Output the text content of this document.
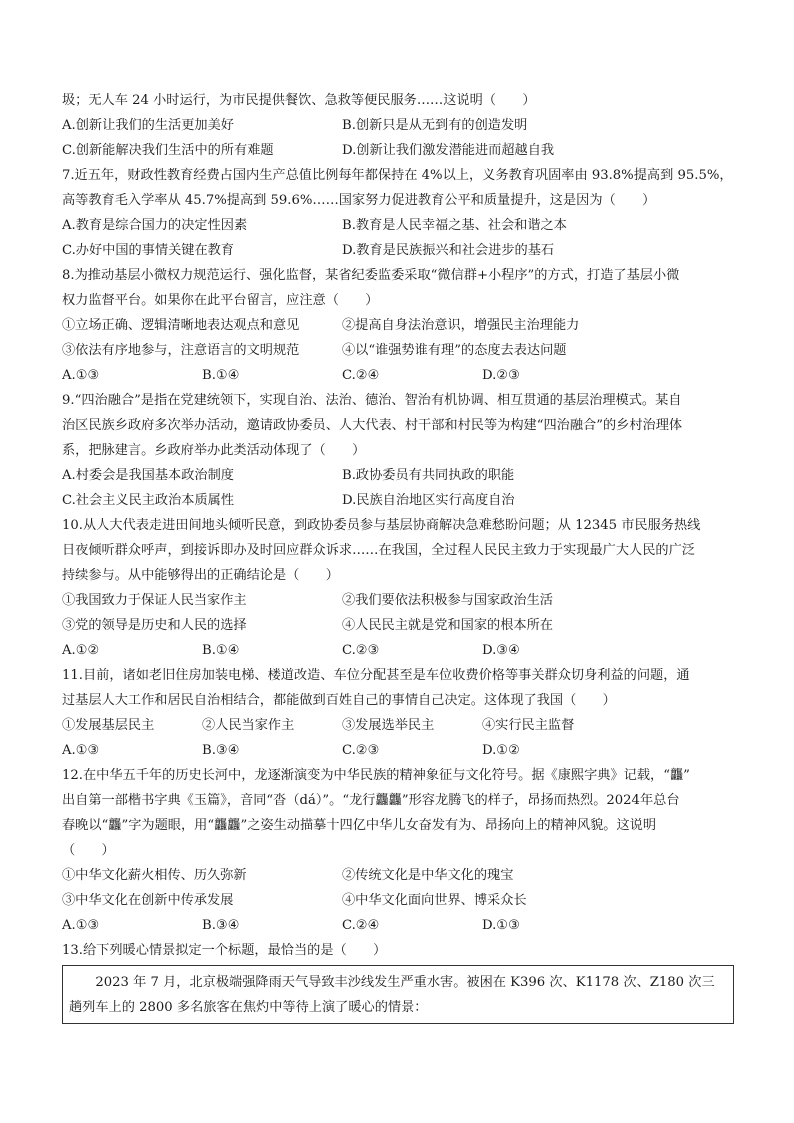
圾；无人车 24 小时运行，为市民提供餐饮、急救等便民服务……这说明（　　）
A.创新让我们的生活更加美好	B.创新只是从无到有的创造发明
C.创新能解决我们生活中的所有难题	D.创新让我们激发潜能进而超越自我
7.近五年，财政性教育经费占国内生产总值比例每年都保持在 4%以上，义务教育巩固率由 93.8%提高到 95.5%，
高等教育毛入学率从 45.7%提高到 59.6%……国家努力促进教育公平和质量提升，这是因为（　　）
A.教育是综合国力的决定性因素	B.教育是人民幸福之基、社会和谐之本
C.办好中国的事情关键在教育	D.教育是民族振兴和社会进步的基石
8.为推动基层小微权力规范运行、强化监督，某省纪委监委采取“微信群+小程序”的方式，打造了基层小微
权力监督平台。如果你在此平台留言，应注意（　　）
①立场正确、逻辑清晰地表达观点和意见	②提高自身法治意识，增强民主治理能力
③依法有序地参与，注意语言的文明规范	④以“谁强势谁有理”的态度去表达问题
A.①③	B.①④	C.②④	D.②③
9.“四治融合”是指在党建统领下，实现自治、法治、德治、智治有机协调、相互贯通的基层治理模式。某自
治区民族乡政府多次举办活动，邀请政协委员、人大代表、村干部和村民等为构建“四治融合”的乡村治理体
系，把脉建言。乡政府举办此类活动体现了（　　）
A.村委会是我国基本政治制度	B.政协委员有共同执政的职能
C.社会主义民主政治本质属性	D.民族自治地区实行高度自治
10.从人大代表走进田间地头倾听民意，到政协委员参与基层协商解决急难愁盼问题；从 12345 市民服务热线
日夜倾听群众呼声，到接诉即办及时回应群众诉求……在我国，全过程人民民主致力于实现最广大人民的广泛
持续参与。从中能够得出的正确结论是（　　）
①我国致力于保证人民当家作主	②我们要依法积极参与国家政治生活
③党的领导是历史和人民的选择	④人民民主就是党和国家的根本所在
A.①②	B.①④	C.②③	D.③④
11.目前，诸如老旧住房加装电梯、楼道改造、车位分配甚至是车位收费价格等事关群众切身利益的问题，通
过基层人大工作和居民自治相结合，都能做到百姓自己的事情自己决定。这体现了我国（　　）
①发展基层民主	②人民当家作主	③发展选举民主	④实行民主监督
A.①③	B.③④	C.②③	D.①②
12.在中华五千年的历史长河中，龙逐渐演变为中华民族的精神象征与文化符号。据《康熙字典》记载，“龘”
出自第一部楷书字典《玉篇》，音同“沓（dá）”。“龙行龘龘”形容龙腾飞的样子，昂扬而热烈。2024年总台
春晚以“龘”字为题眼，用“龘龘”之姿生动描摹十四亿中华儿女奋发有为、昂扬向上的精神风貌。这说明
（　　）
①中华文化薪火相传、历久弥新	②传统文化是中华文化的瑰宝
③中华文化在创新中传承发展	④中华文化面向世界、博采众长
A.①③	B.③④	C.②④	D.①③
13.给下列暖心情景拟定一个标题，最恰当的是（　　）
2023 年 7 月，北京极端强降雨天气导致丰沙线发生严重水害。被困在 K396 次、K1178 次、Z180 次三
趟列车上的 2800 多名旅客在焦灼中等待上演了暖心的情景：
